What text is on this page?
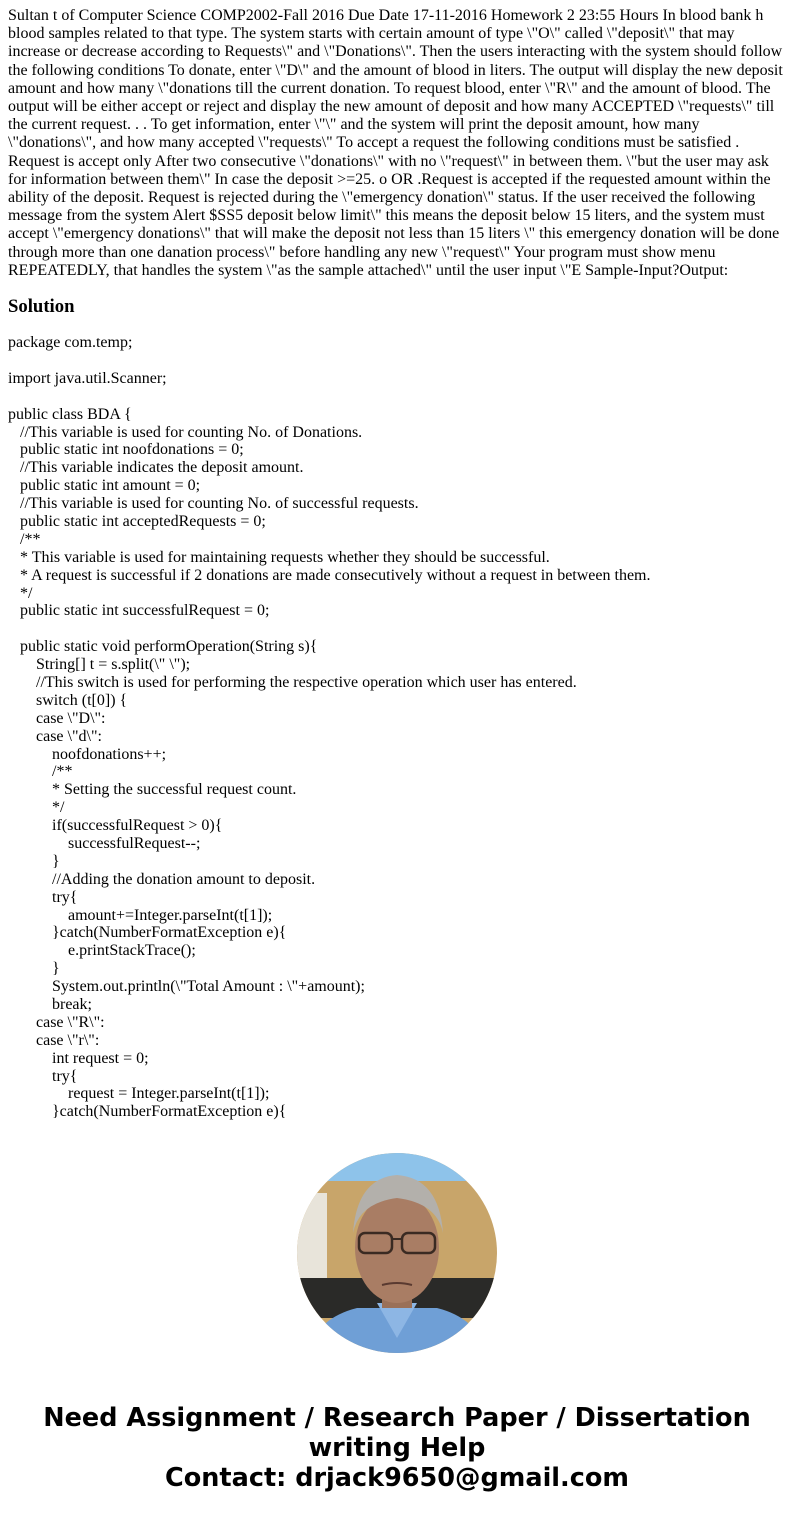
Sultan t of Computer Science COMP2002-Fall 2016 Due Date 17-11-2016 Homework 2 23:55 Hours In blood bank h blood samples related to that type. The system starts with certain amount of type \"O\" called \"deposit\" that may increase or decrease according to Requests\" and \"Donations\". Then the users interacting with the system should follow the following conditions To donate, enter \"D\" and the amount of blood in liters. The output will display the new deposit amount and how many \"donations till the current donation. To request blood, enter \"R\" and the amount of blood. The output will be either accept or reject and display the new amount of deposit and how many ACCEPTED \"requests\" till the current request. . . To get information, enter \"\" and the system will print the deposit amount, how many \"donations\", and how many accepted \"requests\" To accept a request the following conditions must be satisfied . Request is accept only After two consecutive \"donations\" with no \"request\" in between them. \"but the user may ask for information between them\" In case the deposit >=25. o OR .Request is accepted if the requested amount within the ability of the deposit. Request is rejected during the \"emergency donation\" status. If the user received the following message from the system Alert $SS5 deposit below limit\" this means the deposit below 15 liters, and the system must accept \"emergency donations\" that will make the deposit not less than 15 liters \" this emergency donation will be done through more than one danation process\" before handling any new \"request\" Your program must show menu REPEATEDLY, that handles the system \"as the sample attached\" until the user input \"E Sample-Input?Output:

Solution
package com.temp;
import java.util.Scanner;
public class BDA {
//This variable is used for counting No. of Donations.
public static int noofdonations = 0;
//This variable indicates the deposit amount.
public static int amount = 0;
//This variable is used for counting No. of successful requests.
public static int acceptedRequests = 0;
/**
* This variable is used for maintaining requests whether they should be successful.
* A request is successful if 2 donations are made consecutively without a request in between them.
*/
public static int successfulRequest = 0;
public static void performOperation(String s){
String[] t = s.split(\" \");
//This switch is used for performing the respective operation which user has entered.
switch (t[0]) {
case \"D\":
case \"d\":
noofdonations++;
/**
* Setting the successful request count.
*/
if(successfulRequest > 0){
successfulRequest--;
}
//Adding the donation amount to deposit.
try{
amount+=Integer.parseInt(t[1]);
}catch(NumberFormatException e){
e.printStackTrace();
}
System.out.println(\"Total Amount : \"+amount);
break;
case \"R\":
case \"r\":
int request = 0;
try{
request = Integer.parseInt(t[1]);
}catch(NumberFormatException e){
Need Assignment / Research Paper / Dissertation
writing Help
Contact: drjack9650@gmail.com
